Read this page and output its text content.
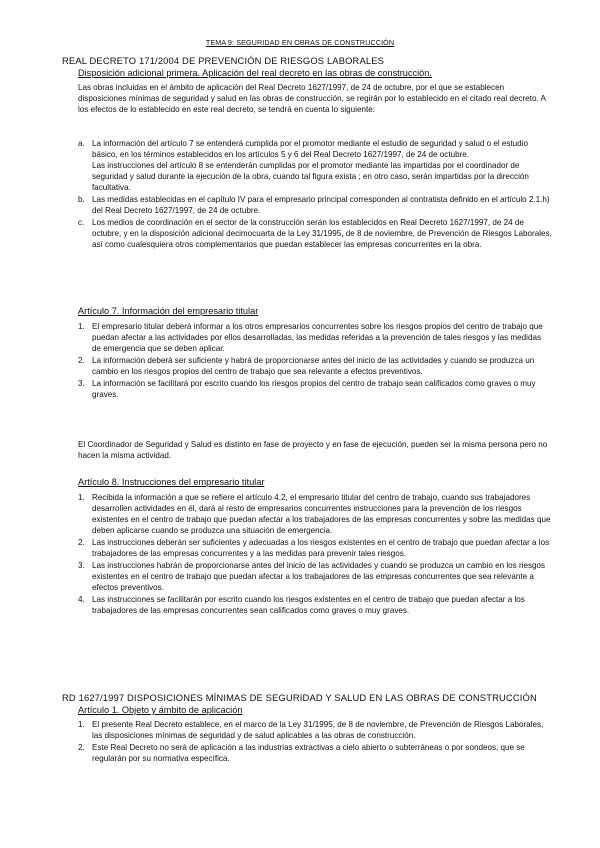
TEMA 9: SEGURIDAD EN OBRAS DE CONSTRUCCIÓN
REAL DECRETO 171/2004 DE PREVENCIÓN DE RIESGOS LABORALES
Disposición adicional primera. Aplicación del real decreto en las obras de construcción.
Las obras incluidas en el ámbito de aplicación del Real Decreto 1627/1997, de 24 de octubre, por el que se establecen disposiciones mínimas de seguridad y salud en las obras de construcción, se regirán por lo establecido en el citado real decreto. A los efectos de lo establecido en este real decreto, se tendrá en cuenta lo siguiente:
a. La información del artículo 7 se entenderá cumplida por el promotor mediante el estudio de seguridad y salud o el estudio básico, en los términos establecidos en los artículos 5 y 6 del Real Decreto 1627/1997, de 24 de octubre.
Las instrucciones del artículo 8 se entenderán cumplidas por el promotor mediante las impartidas por el coordinador de seguridad y salud durante la ejecución de la obra, cuando tal figura exista ; en otro caso, serán impartidas por la dirección facultativa.
b. Las medidas establecidas en el capítulo IV para el empresario principal corresponden al contratista definido en el artículo 2.1.h) del Real Decreto 1627/1997, de 24 de octubre.
c. Los medios de coordinación en el sector de la construcción serán los establecidos en Real Decreto 1627/1997, de 24 de octubre, y en la disposición adicional decimocuarta de la Ley 31/1995, de 8 de noviembre, de Prevención de Riesgos Laborales, así como cualesquiera otros complementarios que puedan establecer las empresas concurrentes en la obra.
Artículo 7. Información del empresario titular
1. El empresario titular deberá informar a los otros empresarios concurrentes sobre los riesgos propios del centro de trabajo que puedan afectar a las actividades por ellos desarrolladas, las medidas referidas a la prevención de tales riesgos y las medidas de emergencia que se deben aplicar.
2. La información deberá ser suficiente y habrá de proporcionarse antes del inicio de las actividades y cuando se produzca un cambio en los riesgos propios del centro de trabajo que sea relevante a efectos preventivos.
3. La información se facilitará por escrito cuando los riesgos propios del centro de trabajo sean calificados como graves o muy graves.
El Coordinador de Seguridad y Salud es distinto en fase de proyecto y en fase de ejecución, pueden ser la misma persona pero no hacen la misma actividad.
Artículo 8. Instrucciones del empresario titular
1. Recibida la información a que se refiere el artículo 4.2, el empresario titular del centro de trabajo, cuando sus trabajadores desarrollen actividades en él, dará al resto de empresarios concurrentes instrucciones para la prevención de los riesgos existentes en el centro de trabajo que puedan afectar a los trabajadores de las empresas concurrentes y sobre las medidas que deben aplicarse cuando se produzca una situación de emergencia.
2. Las instrucciones deberán ser suficientes y adecuadas a los riesgos existentes en el centro de trabajo que puedan afectar a los trabajadores de las empresas concurrentes y a las medidas para prevenir tales riesgos.
3. Las instrucciones habrán de proporcionarse antes del inicio de las actividades y cuando se produzca un cambio en los riesgos existentes en el centro de trabajo que puedan afectar a los trabajadores de las empresas concurrentes que sea relevante a efectos preventivos.
4. Las instrucciones se facilitarán por escrito cuando los riesgos existentes en el centro de trabajo que puedan afectar a los trabajadores de las empresas concurrentes sean calificados como graves o muy graves.
RD 1627/1997 DISPOSICIONES MÍNIMAS DE SEGURIDAD Y SALUD EN LAS OBRAS DE CONSTRUCCIÓN
Artículo 1. Objeto y ámbito de aplicación
1. El presente Real Decreto establece, en el marco de la Ley 31/1995, de 8 de noviembre, de Prevención de Riesgos Laborales, las disposiciones mínimas de seguridad y de salud aplicables a las obras de construcción.
2. Este Real Decreto no será de aplicación a las industrias extractivas a cielo abierto o subterráneas o por sondeos, que se regularán por su normativa específica.
